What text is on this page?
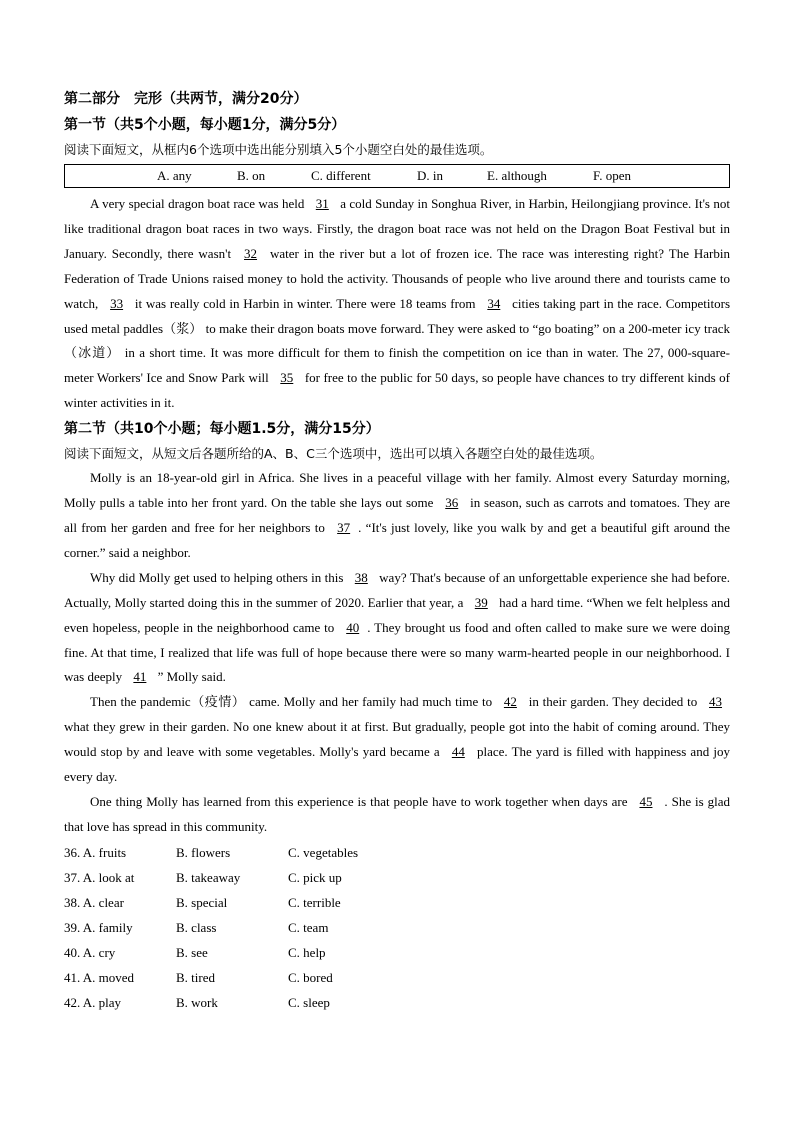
第二部分　完形（共两节，满分20分）
第一节（共5个小题，每小题1分，满分5分）
阅读下面短文，从框内6个选项中选出能分别填入5个小题空白处的最佳选项。
A. any	B. on	C. different	D. in	E. although	F. open

A very special dragon boat race was held 31 a cold Sunday in Songhua River, in Harbin, Heilongjiang province. It's not like traditional dragon boat races in two ways. Firstly, the dragon boat race was not held on the Dragon Boat Festival but in January. Secondly, there wasn't 32 water in the river but a lot of frozen ice. The race was interesting right? The Harbin Federation of Trade Unions raised money to hold the activity. Thousands of people who live around there and tourists came to watch, 33 it was really cold in Harbin in winter. There were 18 teams from 34 cities taking part in the race. Competitors used metal paddles（浆） to make their dragon boats move forward. They were asked to “go boating” on a 200-meter icy track（冰道） in a short time. It was more difficult for them to finish the competition on ice than in water. The 27, 000-square-meter Workers' Ice and Snow Park will 35 for free to the public for 50 days, so people have chances to try different kinds of winter activities in it.

第二节（共10个小题；每小题1.5分，满分15分）
阅读下面短文，从短文后各题所给的A、B、C三个选项中，选出可以填入各题空白处的最佳选项。

Molly is an 18-year-old girl in Africa. She lives in a peaceful village with her family. Almost every Saturday morning, Molly pulls a table into her front yard. On the table she lays out some 36 in season, such as carrots and tomatoes. They are all from her garden and free for her neighbors to 37 . “It's just lovely, like you walk by and get a beautiful gift around the corner.” said a neighbor.

Why did Molly get used to helping others in this 38 way? That's because of an unforgettable experience she had before. Actually, Molly started doing this in the summer of 2020. Earlier that year, a 39 had a hard time. “When we felt helpless and even hopeless, people in the neighborhood came to 40 . They brought us food and often called to make sure we were doing fine. At that time, I realized that life was full of hope because there were so many warm-hearted people in our neighborhood. I was deeply 41 ” Molly said.

Then the pandemic（疫情） came. Molly and her family had much time to 42 in their garden. They decided to 43 what they grew in their garden. No one knew about it at first. But gradually, people got into the habit of coming around. They would stop by and leave with some vegetables. Molly's yard became a 44 place. The yard is filled with happiness and joy every day.

One thing Molly has learned from this experience is that people have to work together when days are 45 . She is glad that love has spread in this community.

36. A. fruits	B. flowers	C. vegetables
37. A. look at	B. takeaway	C. pick up
38. A. clear	B. special	C. terrible
39. A. family	B. class	C. team
40. A. cry	B. see	C. help
41. A. moved	B. tired	C. bored
42. A. play	B. work	C. sleep
